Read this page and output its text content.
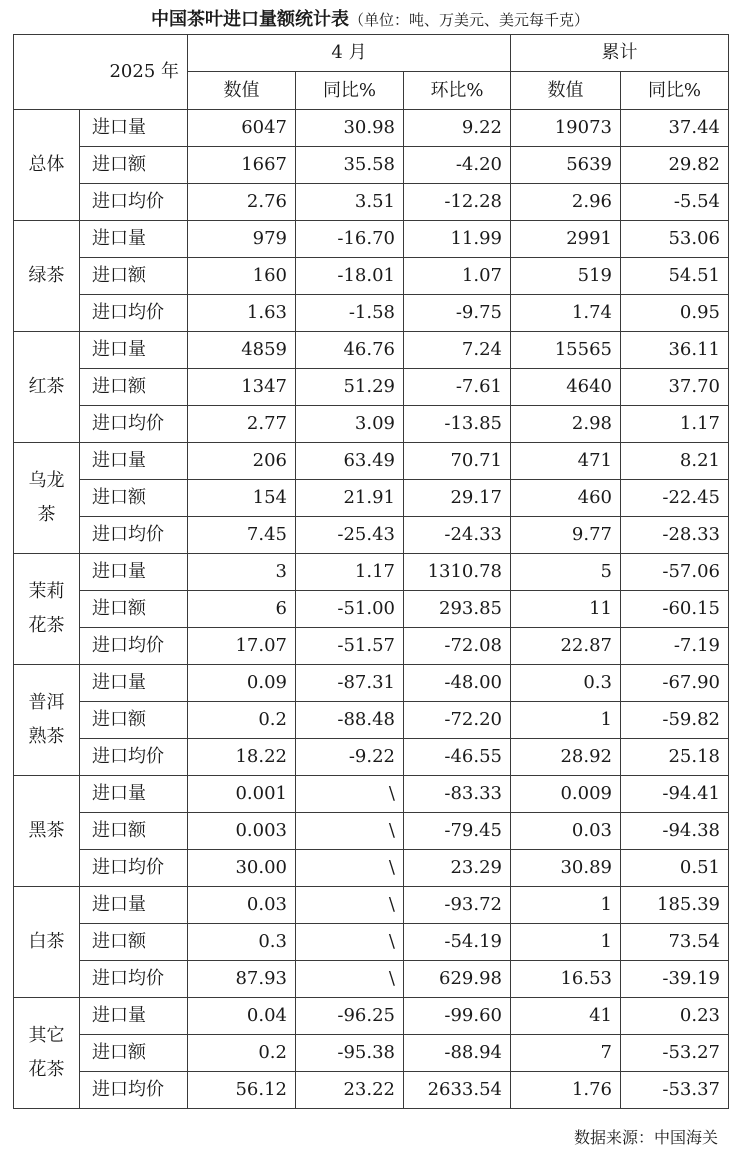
中国茶叶进口量额统计表（单位：吨、万美元、美元每千克）
2025 年		4 月			累计	
		数值	同比%	环比%	数值	同比%

总体	进口量	6047	30.98	9.22	19073	37.44
	进口额	1667	35.58	-4.20	5639	29.82
	进口均价	2.76	3.51	-12.28	2.96	-5.54

绿茶	进口量	979	-16.70	11.99	2991	53.06
	进口额	160	-18.01	1.07	519	54.51
	进口均价	1.63	-1.58	-9.75	1.74	0.95

红茶	进口量	4859	46.76	7.24	15565	36.11
	进口额	1347	51.29	-7.61	4640	37.70
	进口均价	2.77	3.09	-13.85	2.98	1.17

乌龙
茶	进口量	206	63.49	70.71	471	8.21
	进口额	154	21.91	29.17	460	-22.45
	进口均价	7.45	-25.43	-24.33	9.77	-28.33

茉莉
花茶	进口量	3	1.17	1310.78	5	-57.06
	进口额	6	-51.00	293.85	11	-60.15
	进口均价	17.07	-51.57	-72.08	22.87	-7.19

普洱
熟茶	进口量	0.09	-87.31	-48.00	0.3	-67.90
	进口额	0.2	-88.48	-72.20	1	-59.82
	进口均价	18.22	-9.22	-46.55	28.92	25.18

黑茶	进口量	0.001	\	-83.33	0.009	-94.41
	进口额	0.003	\	-79.45	0.03	-94.38
	进口均价	30.00	\	23.29	30.89	0.51

白茶	进口量	0.03	\	-93.72	1	185.39
	进口额	0.3	\	-54.19	1	73.54
	进口均价	87.93	\	629.98	16.53	-39.19

其它
花茶	进口量	0.04	-96.25	-99.60	41	0.23
	进口额	0.2	-95.38	-88.94	7	-53.27
	进口均价	56.12	23.22	2633.54	1.76	-53.37
数据来源：中国海关
